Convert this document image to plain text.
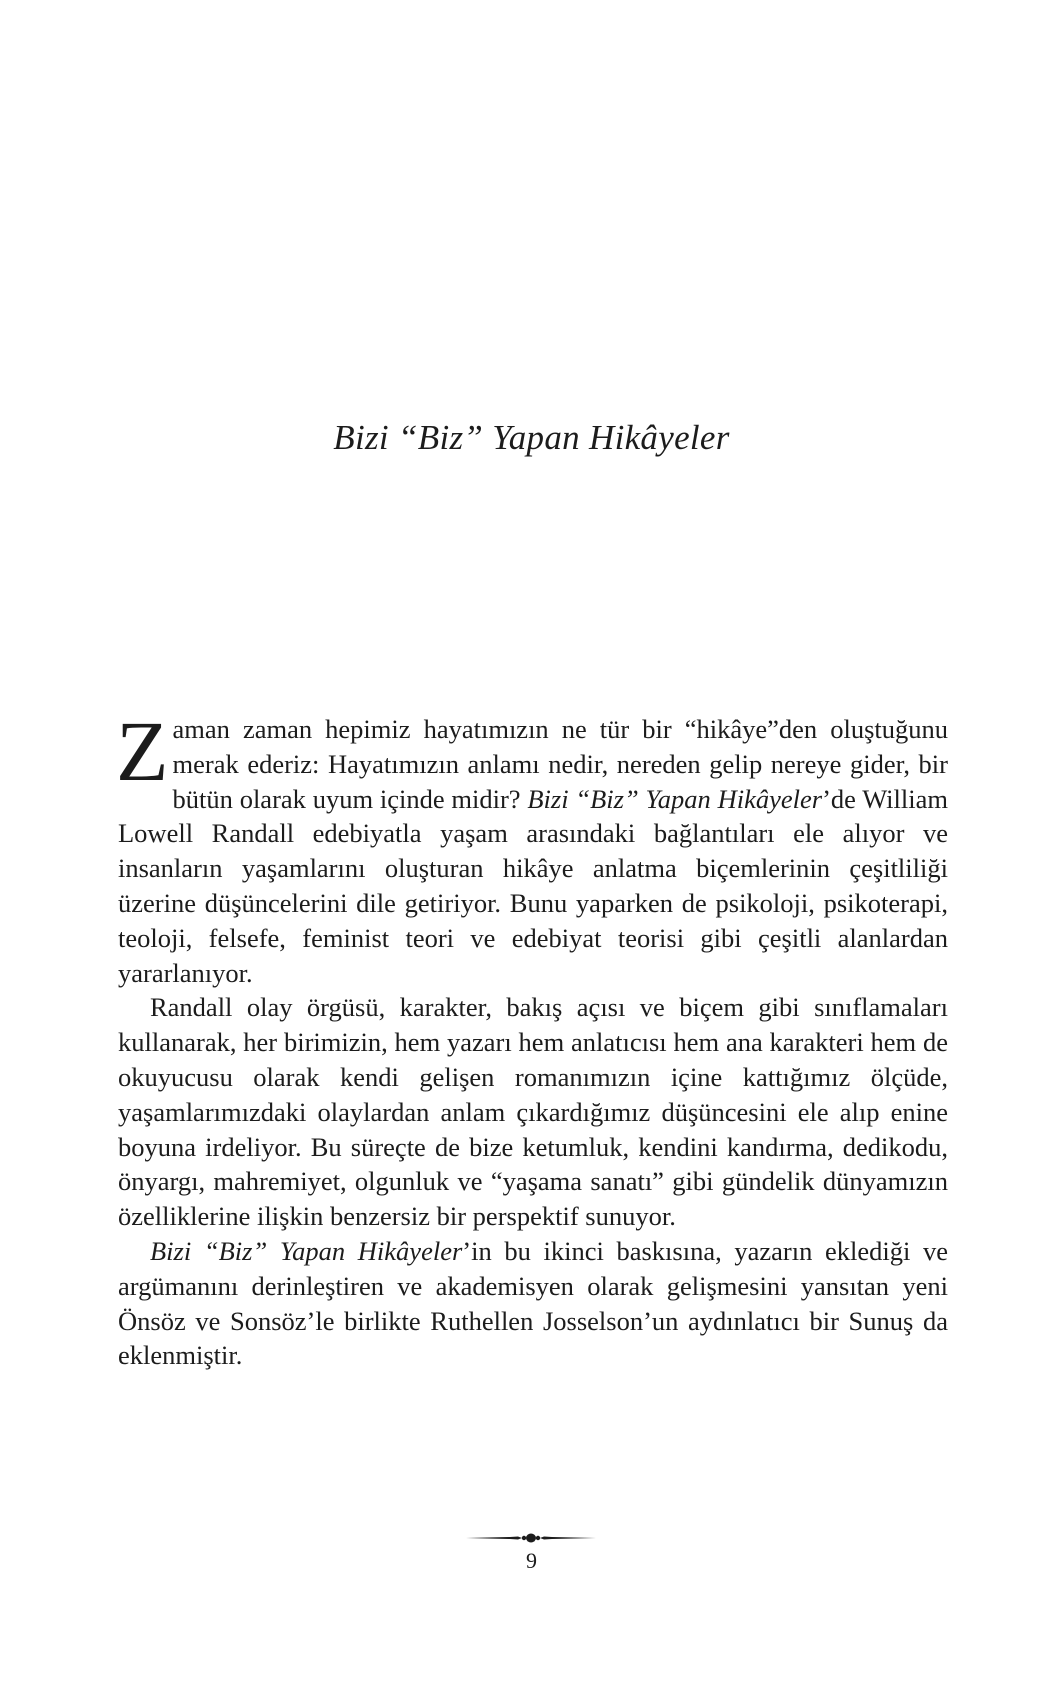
Bizi “Biz” Yapan Hikâyeler

Zaman zaman hepimiz hayatımızın ne tür bir “hikâye”den oluştuğunu merak ederiz: Hayatımızın anlamı nedir, nereden gelip nereye gider, bir bütün olarak uyum içinde midir? Bizi “Biz” Yapan Hikâyeler’de William Lowell Randall edebiyatla yaşam arasındaki bağlantıları ele alıyor ve insanların yaşamlarını oluşturan hikâye anlatma biçemlerinin çeşitliliği üzerine düşüncelerini dile getiriyor. Bunu yaparken de psikoloji, psikoterapi, teoloji, felsefe, feminist teori ve edebiyat teorisi gibi çeşitli alanlardan yararlanıyor.

Randall olay örgüsü, karakter, bakış açısı ve biçem gibi sınıflamaları kullanarak, her birimizin, hem yazarı hem anlatıcısı hem ana karakteri hem de okuyucusu olarak kendi gelişen romanımızın içine kattığımız ölçüde, yaşamlarımızdaki olaylardan anlam çıkardığımız düşüncesini ele alıp enine boyuna irdeliyor. Bu süreçte de bize ketumluk, kendini kandırma, dedikodu, önyargı, mahremiyet, olgunluk ve “yaşama sanatı” gibi gündelik dünyamızın özelliklerine ilişkin benzersiz bir perspektif sunuyor.

Bizi “Biz” Yapan Hikâyeler’in bu ikinci baskısına, yazarın eklediği ve argümanını derinleştiren ve akademisyen olarak gelişmesini yansıtan yeni Önsöz ve Sonsöz’le birlikte Ruthellen Josselson’un aydınlatıcı bir Sunuş da eklenmiştir.

9
